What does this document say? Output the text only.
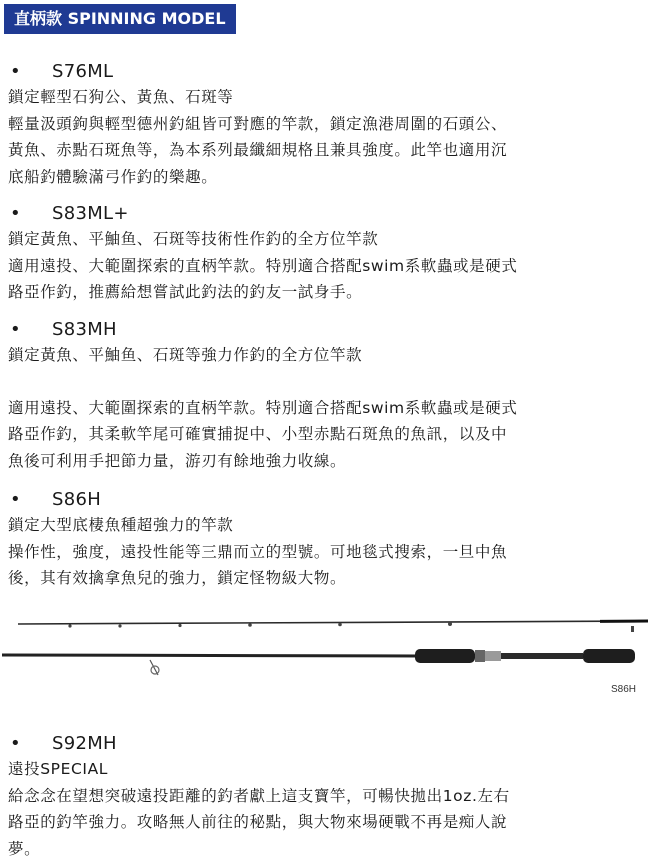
直柄款 SPINNING MODEL
•	S76ML
鎖定輕型石狗公、黃魚、石斑等
輕量汲頭鉤與輕型德州釣組皆可對應的竿款，鎖定漁港周圍的石頭公、
黃魚、赤點石斑魚等，為本系列最纖細規格且兼具強度。此竿也適用沉
底船釣體驗滿弓作釣的樂趣。
•	S83ML+
鎖定黃魚、平鮋鱼、石斑等技術性作釣的全方位竿款
適用遠投、大範圍探索的直柄竿款。特別適合搭配swim系軟蟲或是硬式
路亞作釣，推薦給想嘗試此釣法的釣友一試身手。
•	S83MH
鎖定黃魚、平鮋鱼、石斑等強力作釣的全方位竿款
適用遠投、大範圍探索的直柄竿款。特別適合搭配swim系軟蟲或是硬式
路亞作釣，其柔軟竿尾可確實捕捉中、小型赤點石斑魚的魚訊，以及中
魚後可利用手把節力量，游刃有餘地強力收線。
•	S86H
鎖定大型底棲魚種超強力的竿款
操作性，強度，遠投性能等三鼎而立的型號。可地毯式搜索，一旦中魚
後，其有效擒拿魚兒的強力，鎖定怪物級大物。
S86H
•	S92MH
遠投SPECIAL
給念念在望想突破遠投距離的釣者獻上這支寶竿，可暢快拋出1oz.左右
路亞的釣竿強力。攻略無人前往的秘點，與大物來場硬戰不再是痴人說
夢。
